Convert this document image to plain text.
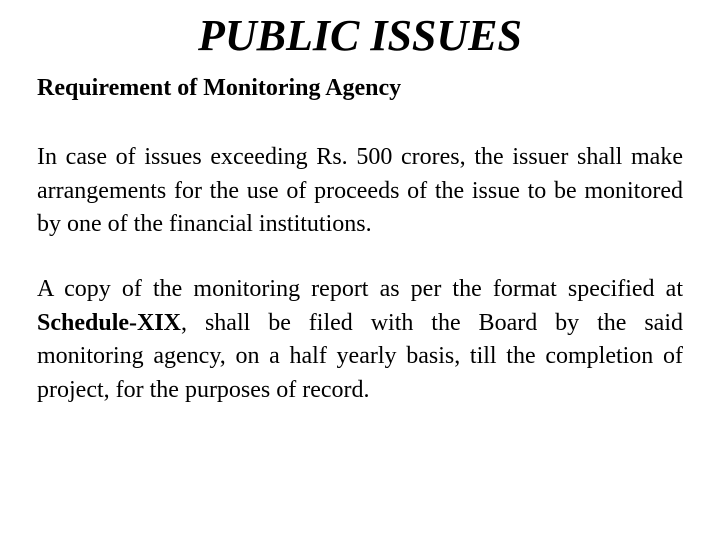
PUBLIC ISSUES
Requirement of Monitoring Agency

In case of issues exceeding Rs. 500 crores, the issuer shall make arrangements for the use of proceeds of the issue to be monitored by one of the financial institutions.

A copy of the monitoring report as per the format specified at Schedule-XIX, shall be filed with the Board by the said monitoring agency, on a half yearly basis, till the completion of project, for the purposes of record.
